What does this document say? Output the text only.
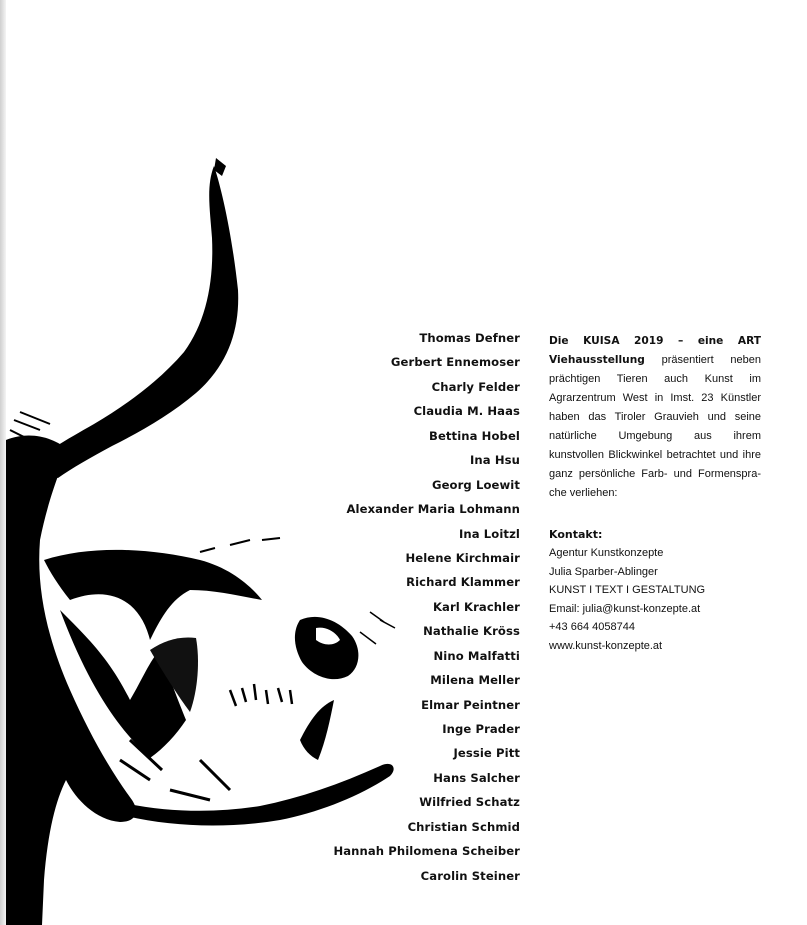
Thomas Defner
Gerbert Ennemoser
Charly Felder
Claudia M. Haas
Bettina Hobel
Ina Hsu
Georg Loewit
Alexander Maria Lohmann
Ina Loitzl
Helene Kirchmair
Richard Klammer
Karl Krachler
Nathalie Kröss
Nino Malfatti
Milena Meller
Elmar Peintner
Inge Prader
Jessie Pitt
Hans Salcher
Wilfried Schatz
Christian Schmid
Hannah Philomena Scheiber
Carolin Steiner

Die KUISA 2019 – eine ART Viehausstellung präsentiert neben prächtigen Tieren auch Kunst im Agrarzentrum West in Imst. 23 Künstler haben das Tiroler Grauvieh und seine natürliche Umgebung aus ihrem kunstvollen Blickwinkel betrachtet und ihre ganz persönliche Farb- und Formensprache verliehen:

Kontakt:
Agentur Kunstkonzepte
Julia Sparber-Ablinger
KUNST I TEXT I GESTALTUNG
Email: julia@kunst-konzepte.at
+43 664 4058744
www.kunst-konzepte.at
